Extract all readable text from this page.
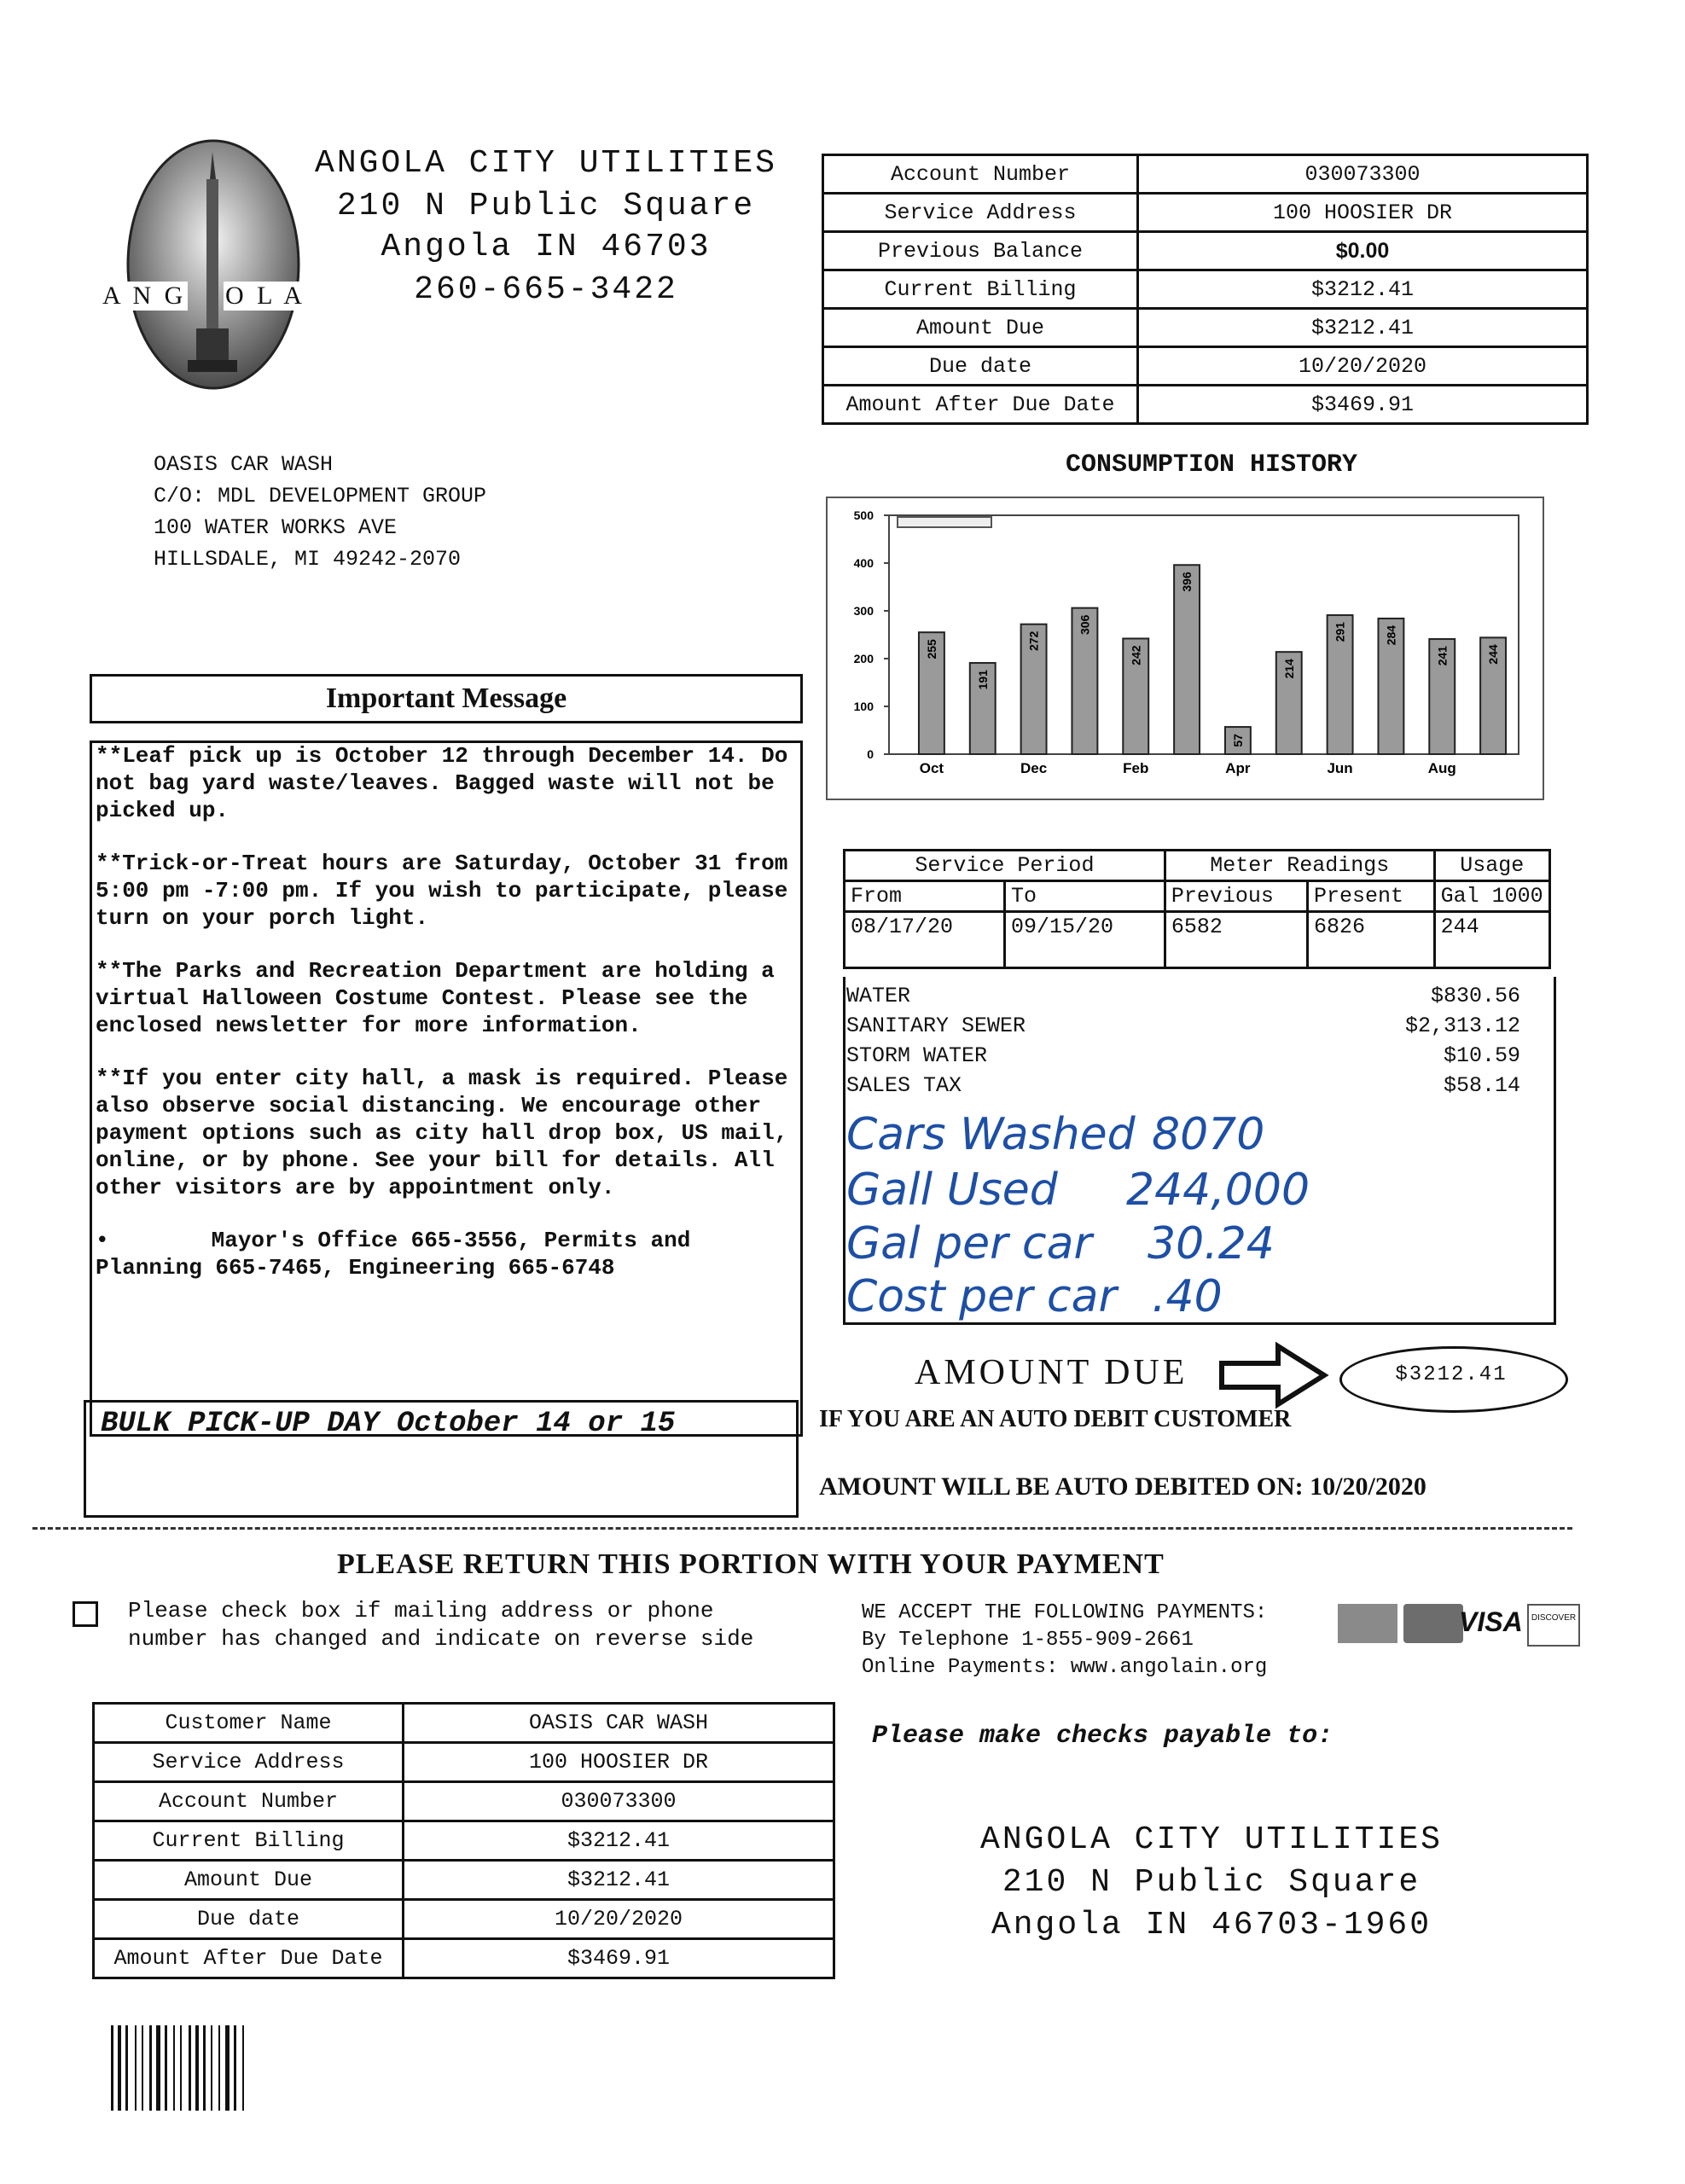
A N G O L A
ANGOLA CITY UTILITIES
210 N Public Square
Angola IN 46703
260-665-3422
Account Number	030073300
Service Address	100 HOOSIER DR
Previous Balance	$0.00
Current Billing	$3212.41
Amount Due	$3212.41
Due date	10/20/2020
Amount After Due Date	$3469.91
OASIS CAR WASH
C/O: MDL DEVELOPMENT GROUP
100 WATER WORKS AVE
HILLSDALE, MI 49242-2070
CONSUMPTION HISTORY
0
100
200
300
400
500
255
Oct
191
272
Dec
306
242
Feb
396
57
Apr
214
291
Jun
284
241
Aug
244
Important Message

**Leaf pick up is October 12 through December 14. Do not bag yard waste/leaves. Bagged waste will not be picked up.

**Trick-or-Treat hours are Saturday, October 31 from 5:00 pm -7:00 pm. If you wish to participate, please turn on your porch light.

**The Parks and Recreation Department are holding a virtual Halloween Costume Contest. Please see the enclosed newsletter for more information.

**If you enter city hall, a mask is required. Please also observe social distancing. We encourage other payment options such as city hall drop box, US mail, online, or by phone. See your bill for details. All other visitors are by appointment only.

•	Mayor's Office 665-3556, Permits and Planning 665-7465, Engineering 665-6748

BULK PICK-UP DAY October 14 or 15
Service Period		Meter Readings		Usage
From	To	Previous	Present	Gal 1000
08/17/20	09/15/20	6582	6826	244
WATER	$830.56
SANITARY SEWER	$2,313.12
STORM WATER	$10.59
SALES TAX	$58.14
Cars Washed 8070
Gall Used 244,000
Gal per car 30.24
Cost per car .40
AMOUNT DUE	$3212.41
IF YOU ARE AN AUTO DEBIT CUSTOMER
AMOUNT WILL BE AUTO DEBITED ON: 10/20/2020
PLEASE RETURN THIS PORTION WITH YOUR PAYMENT
Please check box if mailing address or phone
number has changed and indicate on reverse side
WE ACCEPT THE FOLLOWING PAYMENTS:
By Telephone 1-855-909-2661
Online Payments: www.angolain.org
VISA	DISCOVER
Customer Name	OASIS CAR WASH
Service Address	100 HOOSIER DR
Account Number	030073300
Current Billing	$3212.41
Amount Due	$3212.41
Due date	10/20/2020
Amount After Due Date	$3469.91
Please make checks payable to:
ANGOLA CITY UTILITIES
210 N Public Square
Angola IN 46703-1960
